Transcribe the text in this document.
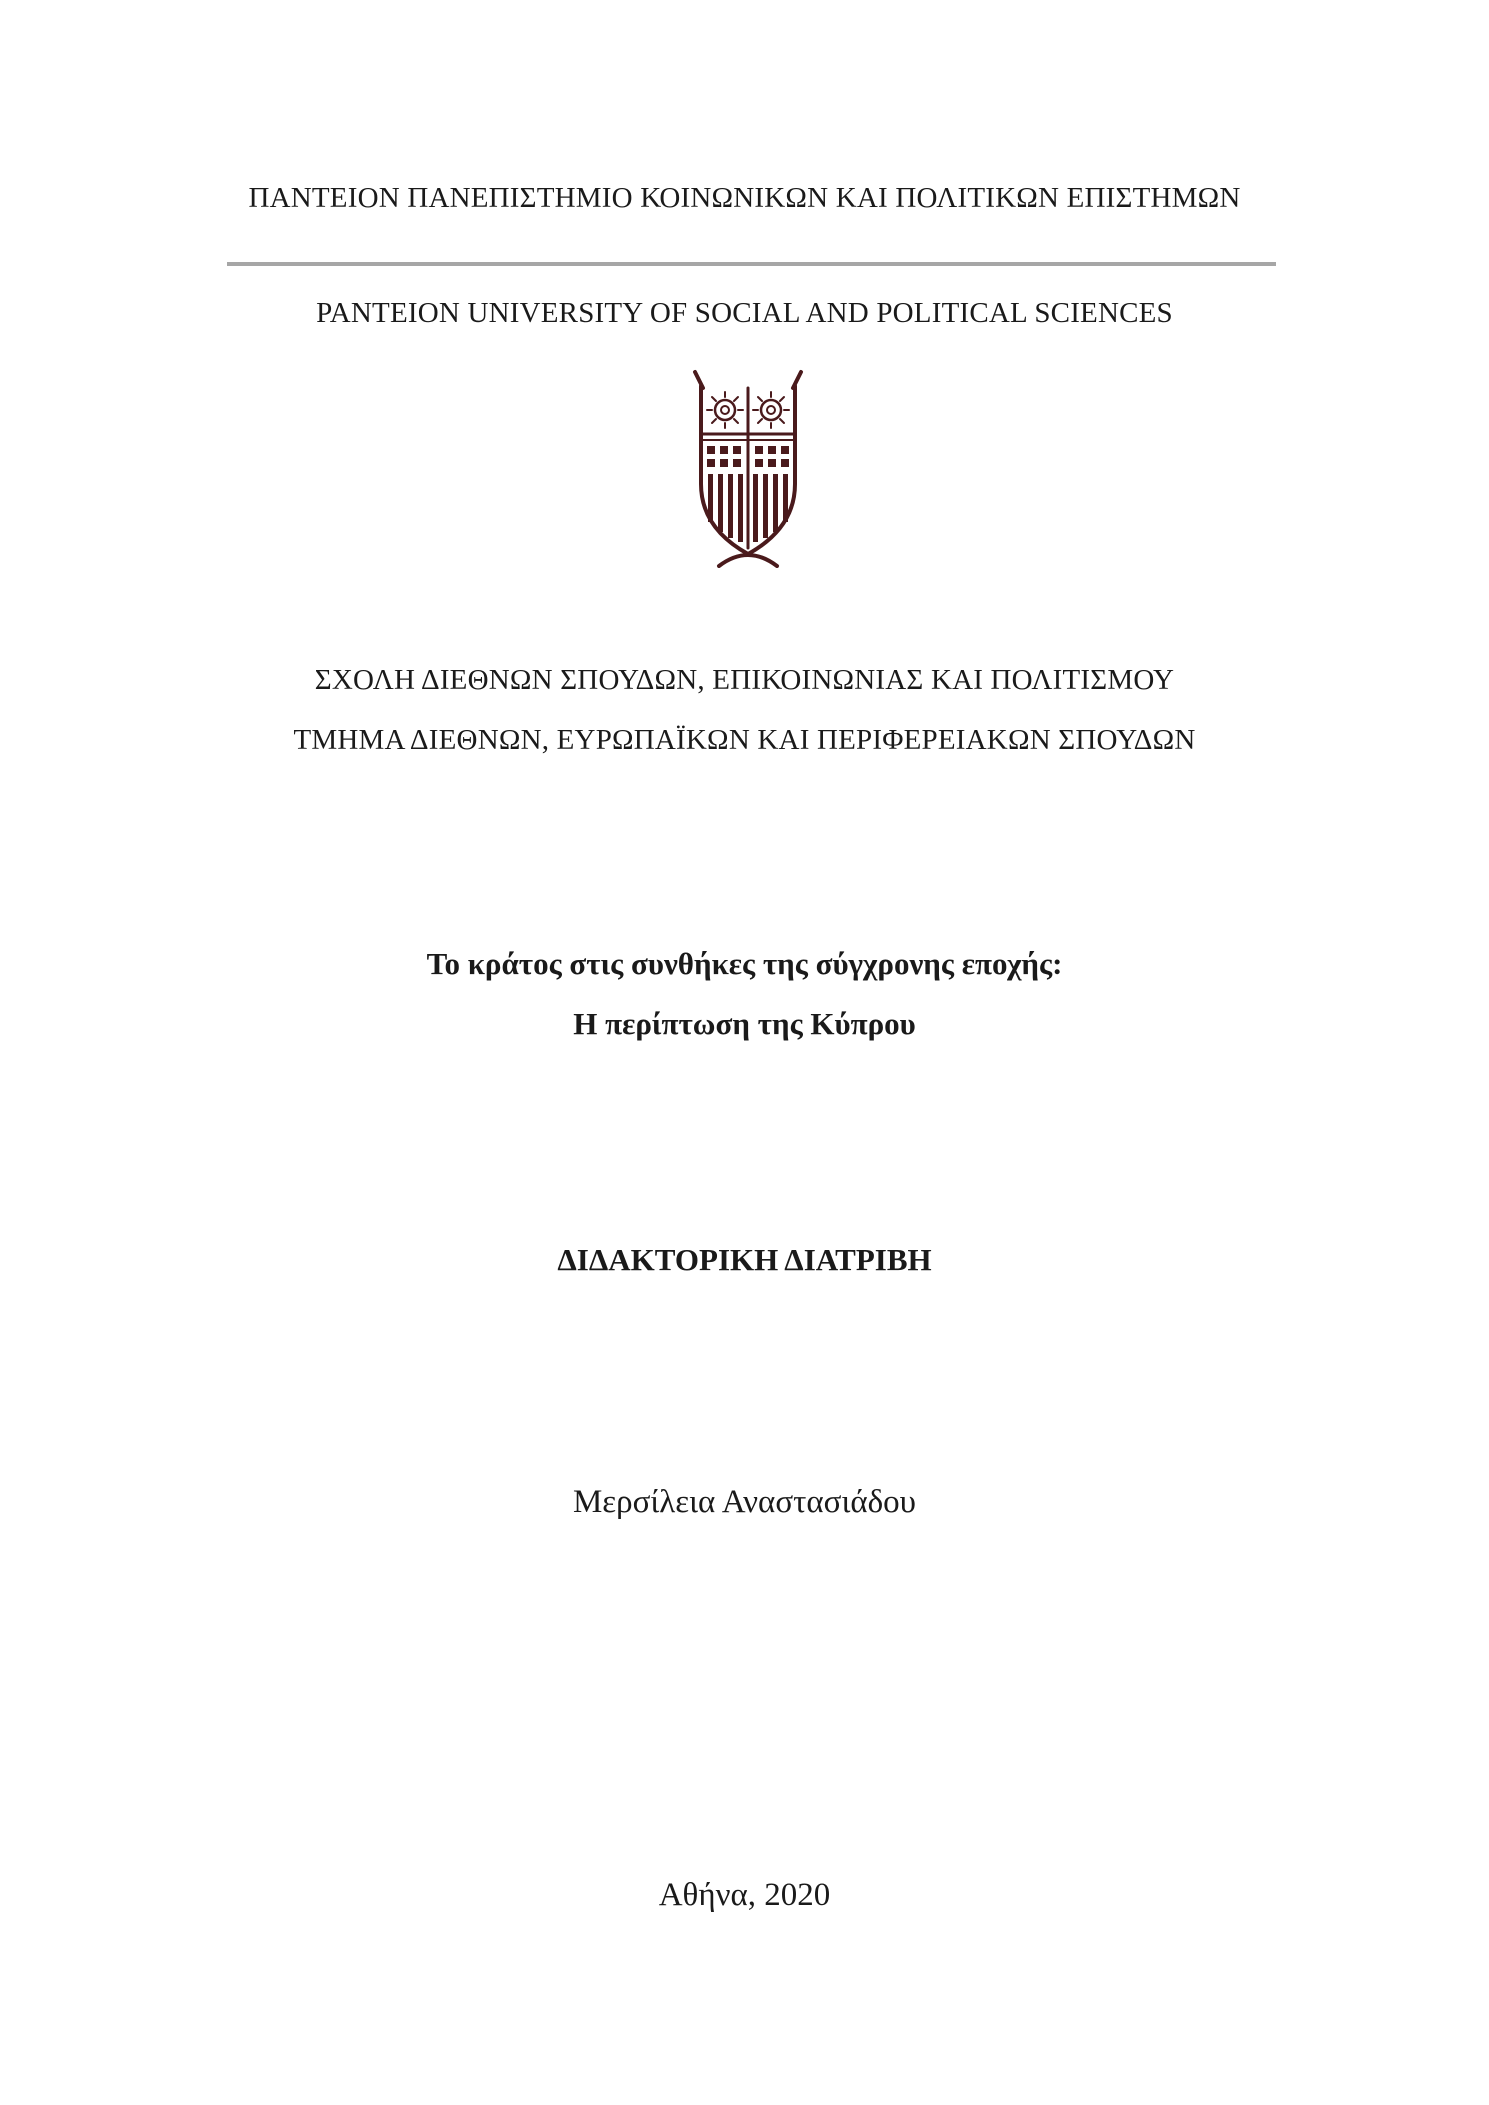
ΠΑΝΤΕΙΟΝ ΠΑΝΕΠΙΣΤΗΜΙΟ ΚΟΙΝΩΝΙΚΩΝ ΚΑΙ ΠΟΛΙΤΙΚΩΝ ΕΠΙΣΤΗΜΩΝ
PANTEION UNIVERSITY OF SOCIAL AND POLITICAL SCIENCES
ΣΧΟΛΗ ΔΙΕΘΝΩΝ ΣΠΟΥΔΩΝ, ΕΠΙΚΟΙΝΩΝΙΑΣ ΚΑΙ ΠΟΛΙΤΙΣΜΟΥ
ΤΜΗΜΑ ΔΙΕΘΝΩΝ, ΕΥΡΩΠΑΪΚΩΝ ΚΑΙ ΠΕΡΙΦΕΡΕΙΑΚΩΝ ΣΠΟΥΔΩΝ
Το κράτος στις συνθήκες της σύγχρονης εποχής:
Η περίπτωση της Κύπρου
ΔΙΔΑΚΤΟΡΙΚΗ ΔΙΑΤΡΙΒΗ
Μερσίλεια Αναστασιάδου
Αθήνα, 2020
